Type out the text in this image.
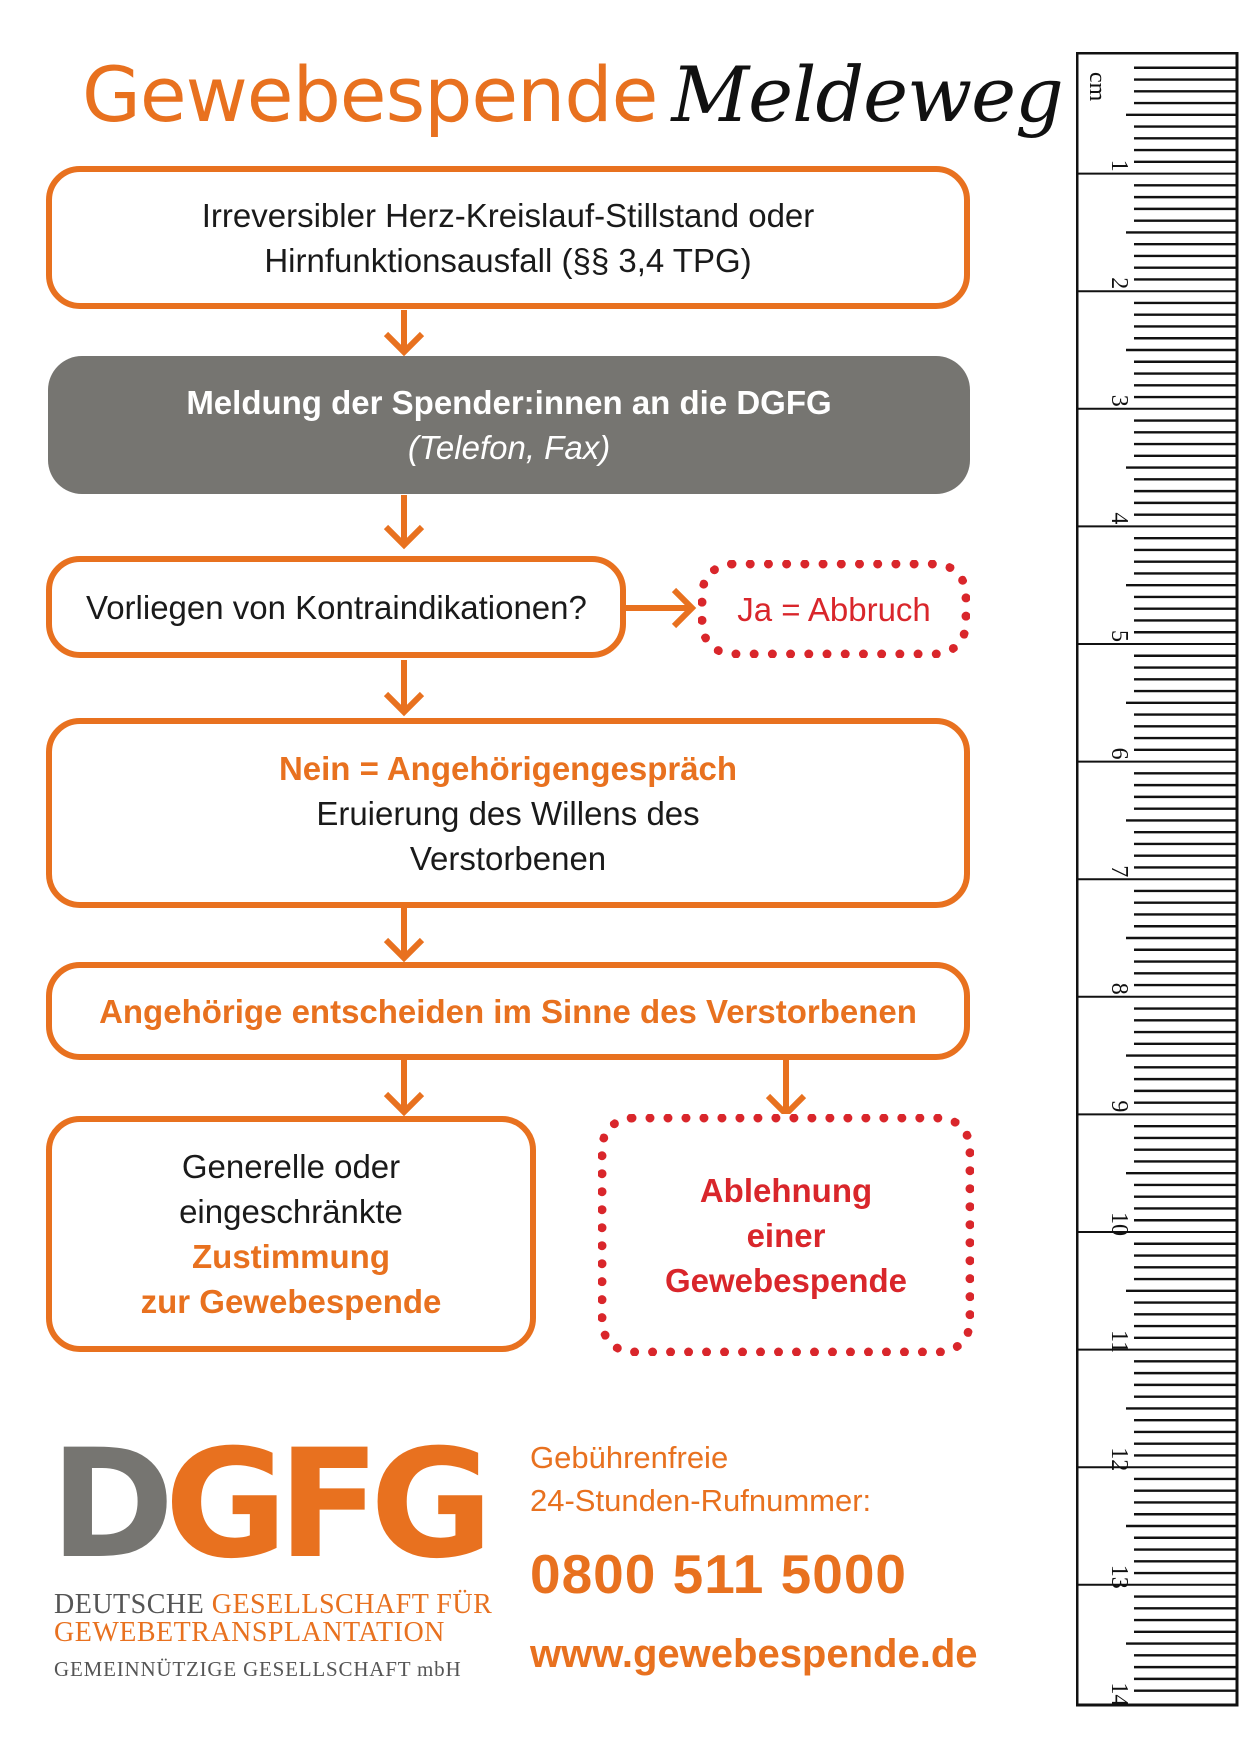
Gewebespende Meldeweg
Irreversibler Herz-Kreislauf-Stillstand oder
Hirnfunktionsausfall (§§ 3,4 TPG)
Meldung der Spender:innen an die DGFG
(Telefon, Fax)
Vorliegen von Kontraindikationen?	Ja = Abbruch
Nein = Angehörigengespräch
Eruierung des Willens des
Verstorbenen
Angehörige entscheiden im Sinne des Verstorbenen
Generelle oder
eingeschränkte
Zustimmung
zur Gewebespende
Ablehnung
einer
Gewebespende
DGFG
DEUTSCHE GESELLSCHAFT FÜR
GEWEBETRANSPLANTATION
GEMEINNÜTZIGE GESELLSCHAFT mbH
Gebührenfreie
24-Stunden-Rufnummer:
0800 511 5000
www.gewebespende.de
cm
1
2
3
4
5
6
7
8
9
10
11
12
13
14
